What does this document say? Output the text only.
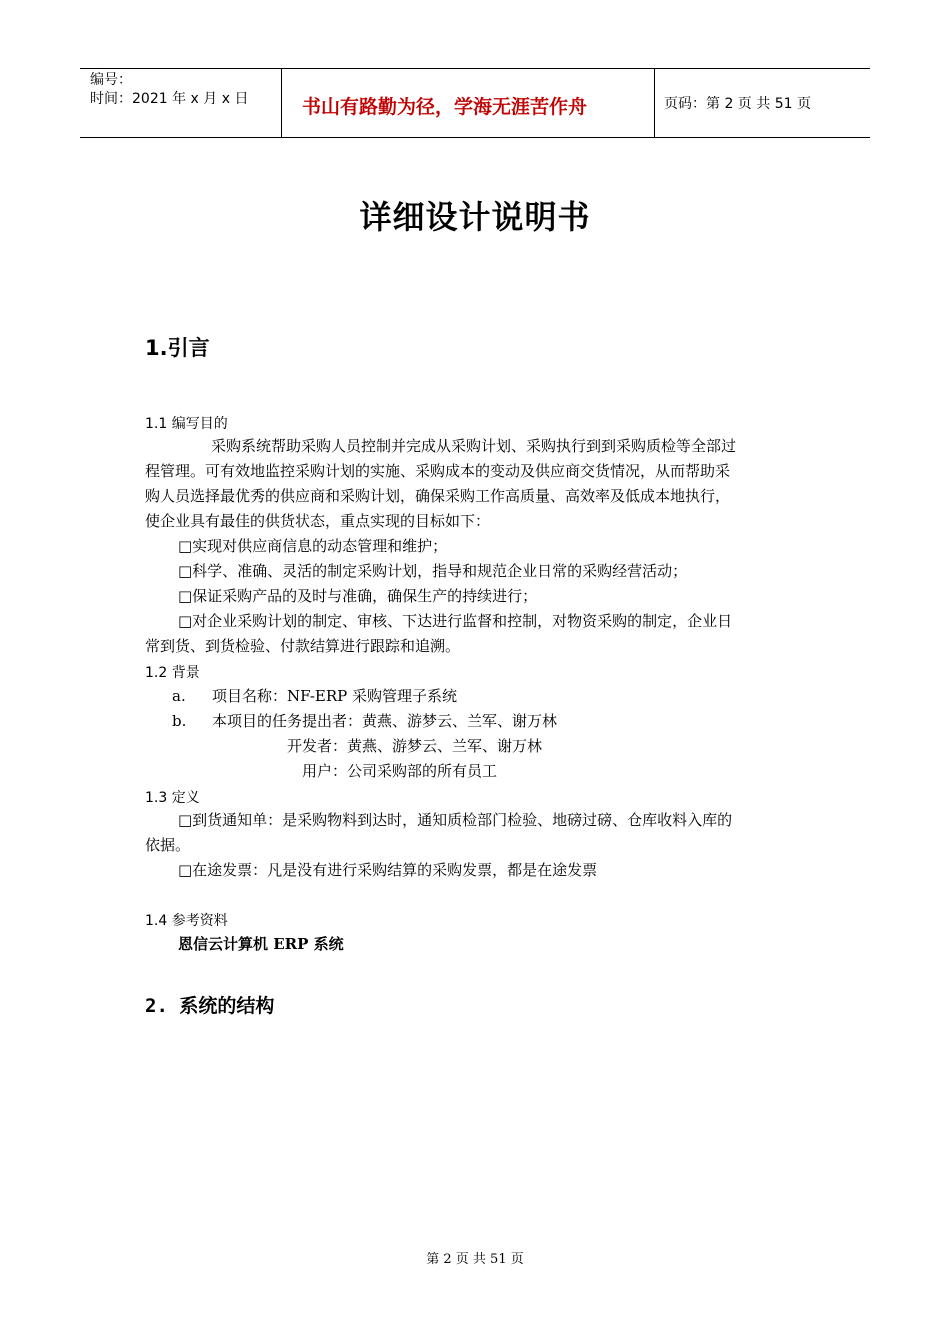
编号：
时间：2021 年 x 月 x 日	书山有路勤为径，学海无涯苦作舟	页码：第 2 页 共 51 页
详细设计说明书
1.引言
1.1 编写目的
采购系统帮助采购人员控制并完成从采购计划、采购执行到到采购质检等全部过
程管理。可有效地监控采购计划的实施、采购成本的变动及供应商交货情况，从而帮助采
购人员选择最优秀的供应商和采购计划，确保采购工作高质量、高效率及低成本地执行，
使企业具有最佳的供货状态，重点实现的目标如下：
□实现对供应商信息的动态管理和维护；
□科学、准确、灵活的制定采购计划，指导和规范企业日常的采购经营活动；
□保证采购产品的及时与准确，确保生产的持续进行；
□对企业采购计划的制定、审核、下达进行监督和控制，对物资采购的制定，企业日
常到货、到货检验、付款结算进行跟踪和追溯。
1.2 背景
a. 项目名称：NF-ERP 采购管理子系统
b. 本项目的任务提出者：黄燕、游梦云、兰军、谢万林
开发者：黄燕、游梦云、兰军、谢万林
用户：公司采购部的所有员工
1.3 定义
□到货通知单：是采购物料到达时，通知质检部门检验、地磅过磅、仓库收料入库的
依据。
□在途发票：凡是没有进行采购结算的采购发票，都是在途发票
1.4 参考资料
恩信云计算机 ERP 系统
2. 系统的结构
第 2 页 共 51 页
